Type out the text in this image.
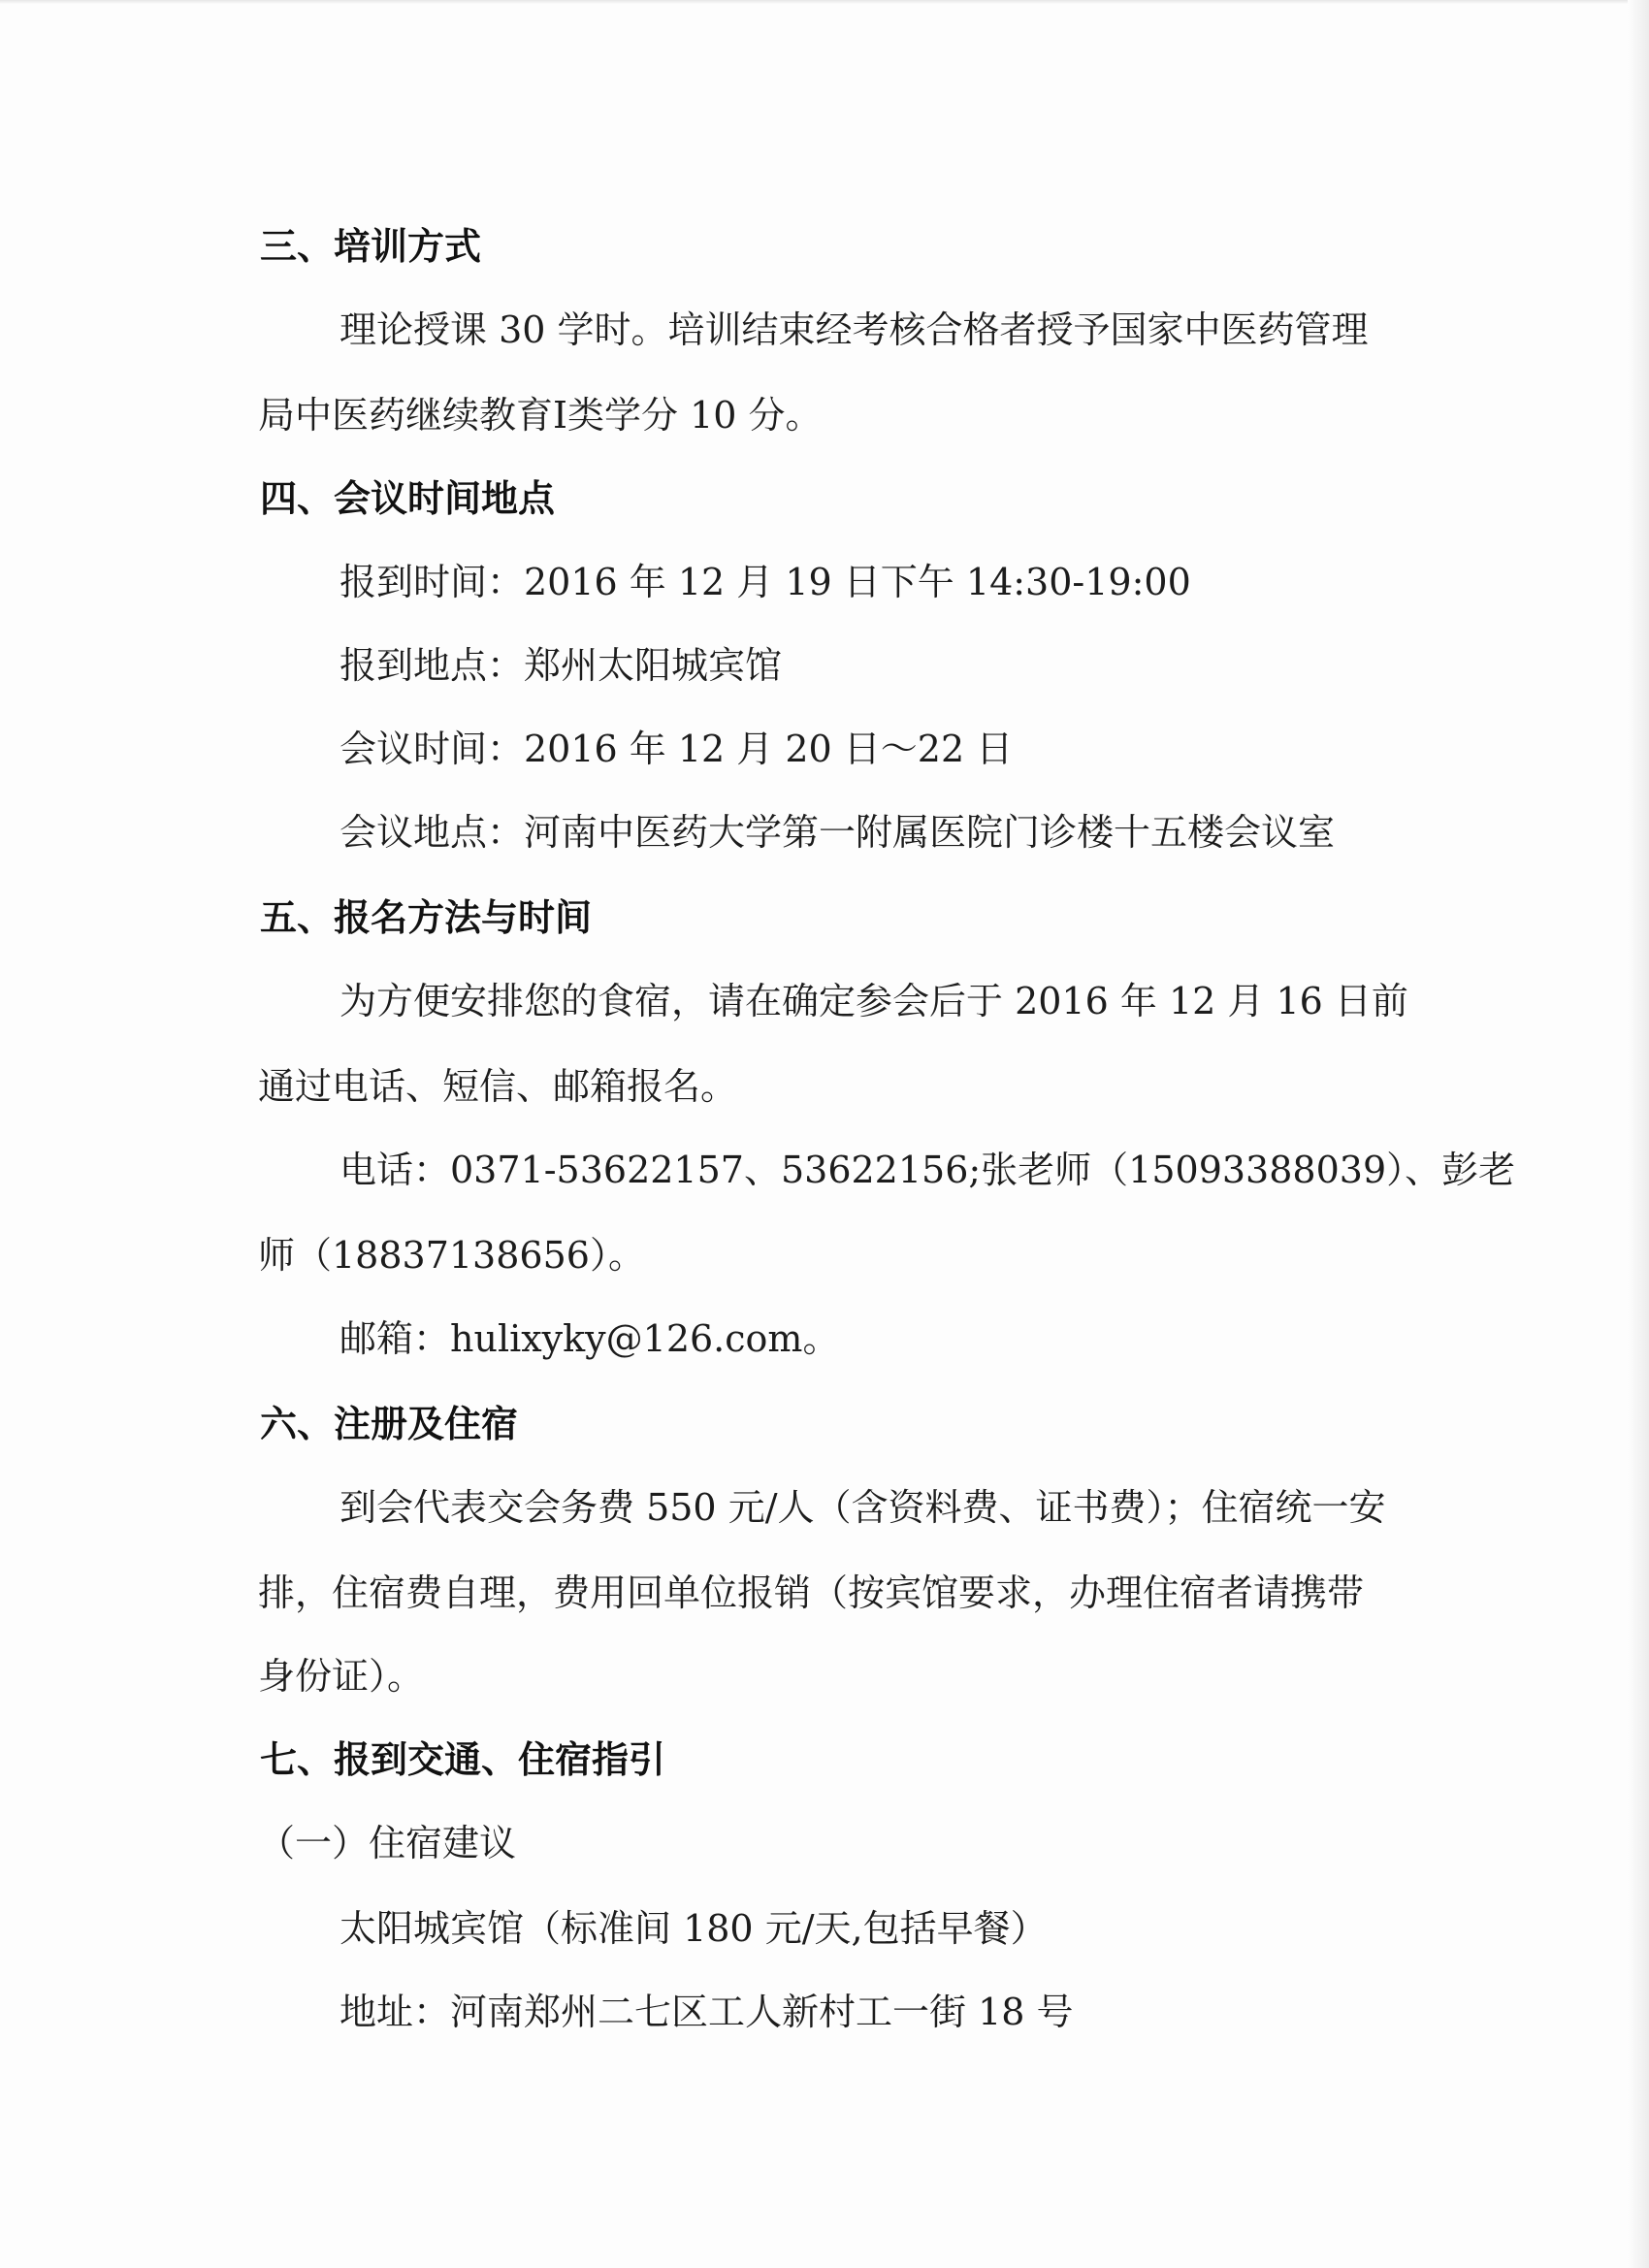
三、培训方式
理论授课 30 学时。培训结束经考核合格者授予国家中医药管理
局中医药继续教育Ⅰ类学分 10 分。
四、会议时间地点
报到时间：2016 年 12 月 19 日下午 14:30-19:00
报到地点：郑州太阳城宾馆
会议时间：2016 年 12 月 20 日～22 日
会议地点：河南中医药大学第一附属医院门诊楼十五楼会议室
五、报名方法与时间
为方便安排您的食宿，请在确定参会后于 2016 年 12 月 16 日前
通过电话、短信、邮箱报名。
电话：0371-53622157、53622156;张老师（15093388039）、彭老
师（18837138656）。
邮箱：hulixyky@126.com。
六、注册及住宿
到会代表交会务费 550 元/人（含资料费、证书费）；住宿统一安
排，住宿费自理，费用回单位报销（按宾馆要求，办理住宿者请携带
身份证）。
七、报到交通、住宿指引
（一）住宿建议
太阳城宾馆（标准间 180 元/天,包括早餐）
地址：河南郑州二七区工人新村工一街 18 号
